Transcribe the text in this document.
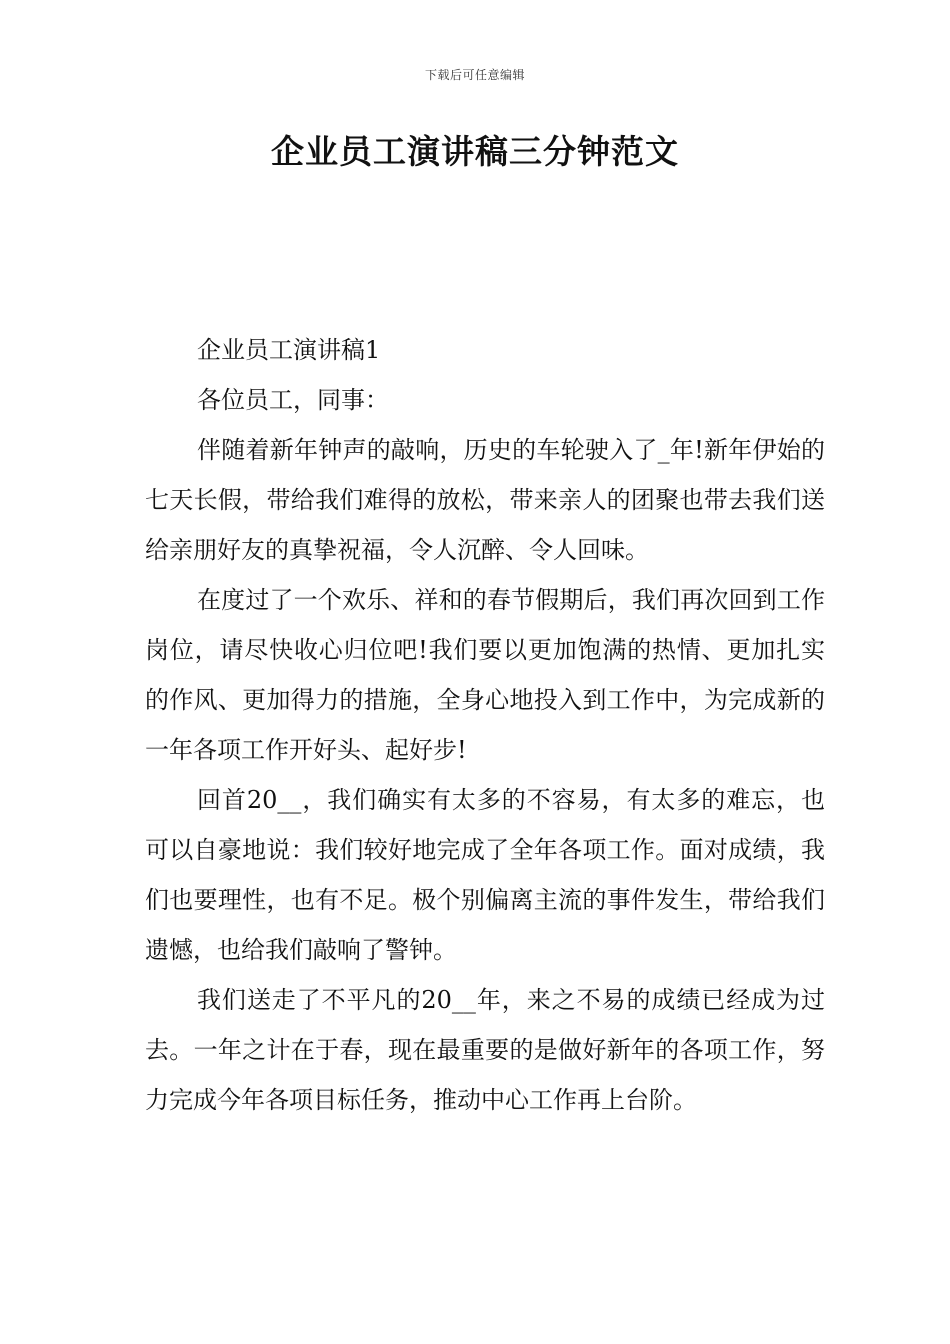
下载后可任意编辑
企业员工演讲稿三分钟范文

企业员工演讲稿1

各位员工，同事：

伴随着新年钟声的敲响，历史的车轮驶入了_年!新年伊始的七天长假，带给我们难得的放松，带来亲人的团聚也带去我们送给亲朋好友的真挚祝福，令人沉醉、令人回味。

在度过了一个欢乐、祥和的春节假期后，我们再次回到工作岗位，请尽快收心归位吧!我们要以更加饱满的热情、更加扎实的作风、更加得力的措施，全身心地投入到工作中，为完成新的一年各项工作开好头、起好步!

回首20__，我们确实有太多的不容易，有太多的难忘，也可以自豪地说：我们较好地完成了全年各项工作。面对成绩，我们也要理性，也有不足。极个别偏离主流的事件发生，带给我们遗憾，也给我们敲响了警钟。

我们送走了不平凡的20__年，来之不易的成绩已经成为过去。一年之计在于春，现在最重要的是做好新年的各项工作，努力完成今年各项目标任务，推动中心工作再上台阶。
